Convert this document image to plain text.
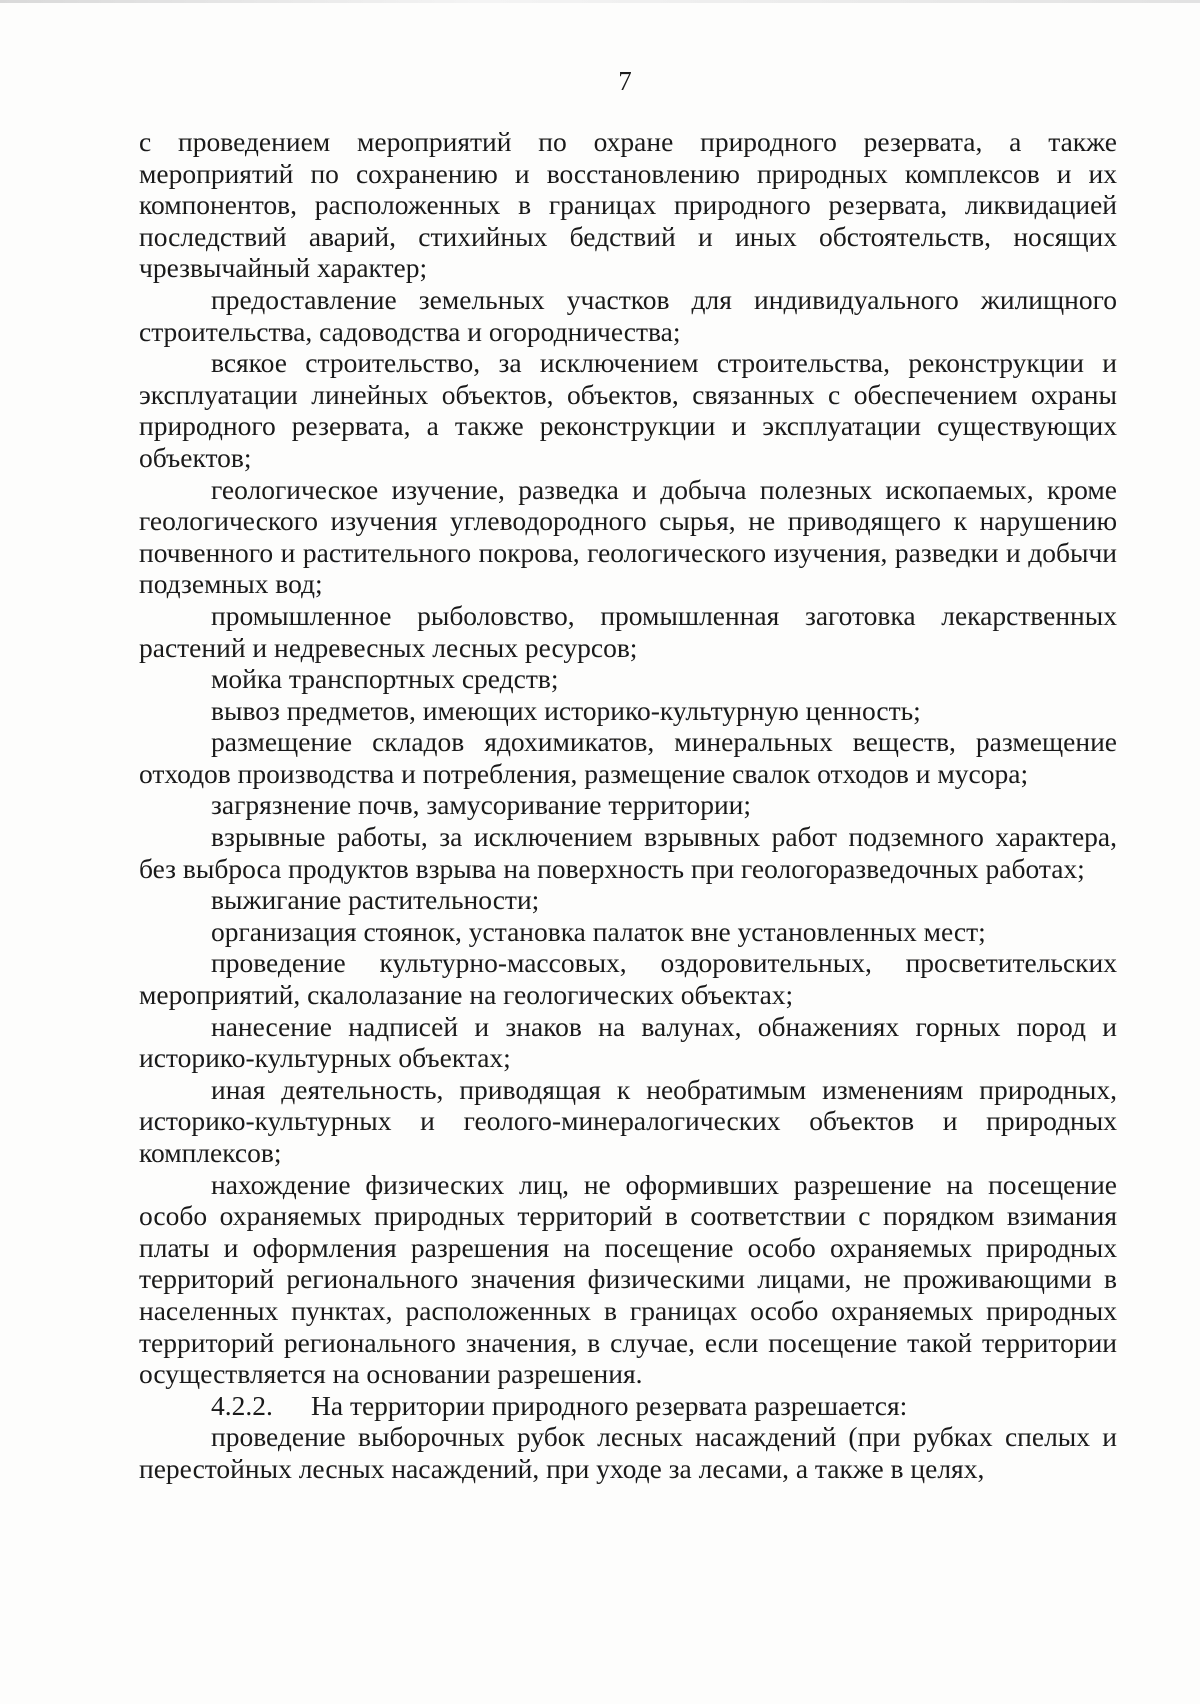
7

с проведением мероприятий по охране природного резервата, а также мероприятий по сохранению и восстановлению природных комплексов и их компонентов, расположенных в границах природного резервата, ликвидацией последствий аварий, стихийных бедствий и иных обстоятельств, носящих чрезвычайный характер;

предоставление земельных участков для индивидуального жилищного строительства, садоводства и огородничества;

всякое строительство, за исключением строительства, реконструкции и эксплуатации линейных объектов, объектов, связанных с обеспечением охраны природного резервата, а также реконструкции и эксплуатации существующих объектов;

геологическое изучение, разведка и добыча полезных ископаемых, кроме геологического изучения углеводородного сырья, не приводящего к нарушению почвенного и растительного покрова, геологического изучения, разведки и добычи подземных вод;

промышленное рыболовство, промышленная заготовка лекарственных растений и недревесных лесных ресурсов;

мойка транспортных средств;

вывоз предметов, имеющих историко-культурную ценность;

размещение складов ядохимикатов, минеральных веществ, размещение отходов производства и потребления, размещение свалок отходов и мусора;

загрязнение почв, замусоривание территории;

взрывные работы, за исключением взрывных работ подземного характера, без выброса продуктов взрыва на поверхность при геологоразведочных работах;

выжигание растительности;

организация стоянок, установка палаток вне установленных мест;

проведение культурно-массовых, оздоровительных, просветительских мероприятий, скалолазание на геологических объектах;

нанесение надписей и знаков на валунах, обнажениях горных пород и историко-культурных объектах;

иная деятельность, приводящая к необратимым изменениям природных, историко-культурных и геолого-минералогических объектов и природных комплексов;

нахождение физических лиц, не оформивших разрешение на посещение особо охраняемых природных территорий в соответствии с порядком взимания платы и оформления разрешения на посещение особо охраняемых природных территорий регионального значения физическими лицами, не проживающими в населенных пунктах, расположенных в границах особо охраняемых природных территорий регионального значения, в случае, если посещение такой территории осуществляется на основании разрешения.

4.2.2. На территории природного резервата разрешается:

проведение выборочных рубок лесных насаждений (при рубках спелых и перестойных лесных насаждений, при уходе за лесами, а также в целях,
